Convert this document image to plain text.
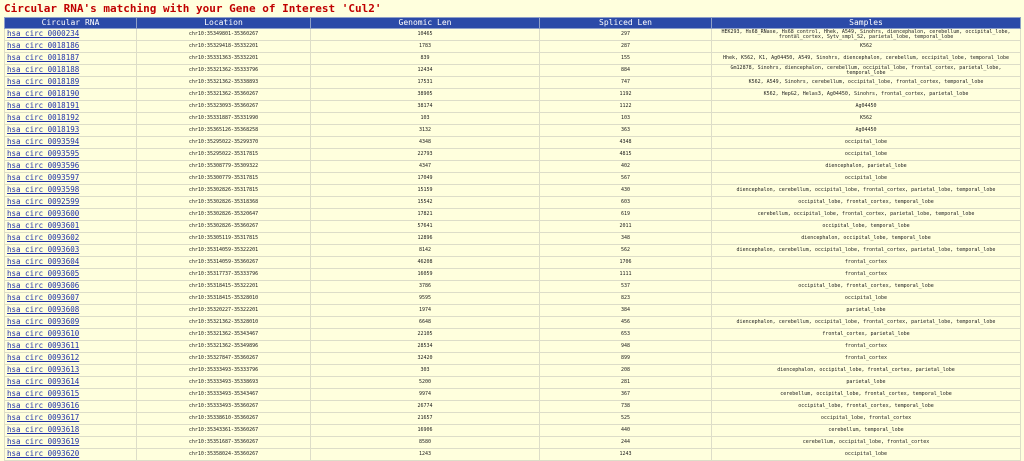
Circular RNA's matching with your Gene of Interest 'Cul2'
Circular RNA	Location	Genomic Len	Spliced Len	Samples
hsa_circ_0000234	chr10:35349801-35360267	10465	297	HEK293, Hs68_RNase, Hs68_control, Hhek, A549, Sinohrs, diencephalon, cerebellum, occipital_lobe, frontal_cortex, Sytv_smpl_S2, parietal_lobe, temporal_lobe
hsa_circ_0018186	chr10:35329418-35332201	1783	287	K562
hsa_circ_0018187	chr10:35331363-35332201	839	155	Hhek, K562, K1, Ag04450, A549, Sinohrs, diencephalon, cerebellum, occipital_lobe, temporal_lobe
hsa_circ_0018188	chr10:35321362-35333796	12434	884	Gm12878, Sinohrs, diencephalon, cerebellum, occipital_lobe, frontal_cortex, parietal_lobe, temporal_lobe
hsa_circ_0018189	chr10:35321362-35338893	17531	747	K562, A549, Sinohrs, cerebellum, occipital_lobe, frontal_cortex, temporal_lobe
hsa_circ_0018190	chr10:35321362-35360267	38905	1192	K562, HepG2, Helas3, Ag04450, Sinohrs, frontal_cortex, parietal_lobe
hsa_circ_0018191	chr10:35323093-35360267	38174	1122	Ag04450
hsa_circ_0018192	chr10:35331887-35331990	103	103	K562
hsa_circ_0018193	chr10:35365126-35368258	3132	363	Ag04450
hsa_circ_0093594	chr10:35295022-35299370	4348	4348	occipital_lobe
hsa_circ_0093595	chr10:35295022-35317815	22793	4815	occipital_lobe
hsa_circ_0093596	chr10:35308779-35309322	4347	402	diencephalon, parietal_lobe
hsa_circ_0093597	chr10:35300779-35317815	17049	567	occipital_lobe
hsa_circ_0093598	chr10:35302826-35317815	15159	430	diencephalon, cerebellum, occipital_lobe, frontal_cortex, parietal_lobe, temporal_lobe
hsa_circ_0092599	chr10:35302826-35318368	15542	603	occipital_lobe, frontal_cortex, temporal_lobe
hsa_circ_0093600	chr10:35302826-35320647	17821	619	cerebellum, occipital_lobe, frontal_cortex, parietal_lobe, temporal_lobe
hsa_circ_0093601	chr10:35302826-35360267	57641	2011	occipital_lobe, temporal_lobe
hsa_circ_0093602	chr10:35305119-35317815	12896	348	diencephalon, occipital_lobe, temporal_lobe
hsa_circ_0093603	chr10:35314059-35322201	8142	562	diencephalon, cerebellum, occipital_lobe, frontal_cortex, parietal_lobe, temporal_lobe
hsa_circ_0093604	chr10:35314059-35360267	46208	1706	frontal_cortex
hsa_circ_0093605	chr10:35317737-35333796	16059	1111	frontal_cortex
hsa_circ_0093606	chr10:35318415-35322201	3786	537	occipital_lobe, frontal_cortex, temporal_lobe
hsa_circ_0093607	chr10:35318415-35328010	9595	823	occipital_lobe
hsa_circ_0093608	chr10:35320227-35322201	1974	384	parietal_lobe
hsa_circ_0093609	chr10:35321362-35328010	6648	456	diencephalon, cerebellum, occipital_lobe, frontal_cortex, parietal_lobe, temporal_lobe
hsa_circ_0093610	chr10:35321362-35343467	22105	653	frontal_cortex, parietal_lobe
hsa_circ_0093611	chr10:35321362-35349896	28534	948	frontal_cortex
hsa_circ_0093612	chr10:35327847-35360267	32420	899	frontal_cortex
hsa_circ_0093613	chr10:35333493-35333796	303	208	diencephalon, occipital_lobe, frontal_cortex, parietal_lobe
hsa_circ_0093614	chr10:35333493-35338693	5200	281	parietal_lobe
hsa_circ_0093615	chr10:35333493-35343467	9974	367	cerebellum, occipital_lobe, frontal_cortex, temporal_lobe
hsa_circ_0093616	chr10:35333493-35360267	26774	738	occipital_lobe, frontal_cortex, temporal_lobe
hsa_circ_0093617	chr10:35338610-35360267	21657	525	occipital_lobe, frontal_cortex
hsa_circ_0093618	chr10:35343361-35360267	16906	440	cerebellum, temporal_lobe
hsa_circ_0093619	chr10:35351687-35360267	8580	244	cerebellum, occipital_lobe, frontal_cortex
hsa_circ_0093620	chr10:35358024-35360267	1243	1243	occipital_lobe
